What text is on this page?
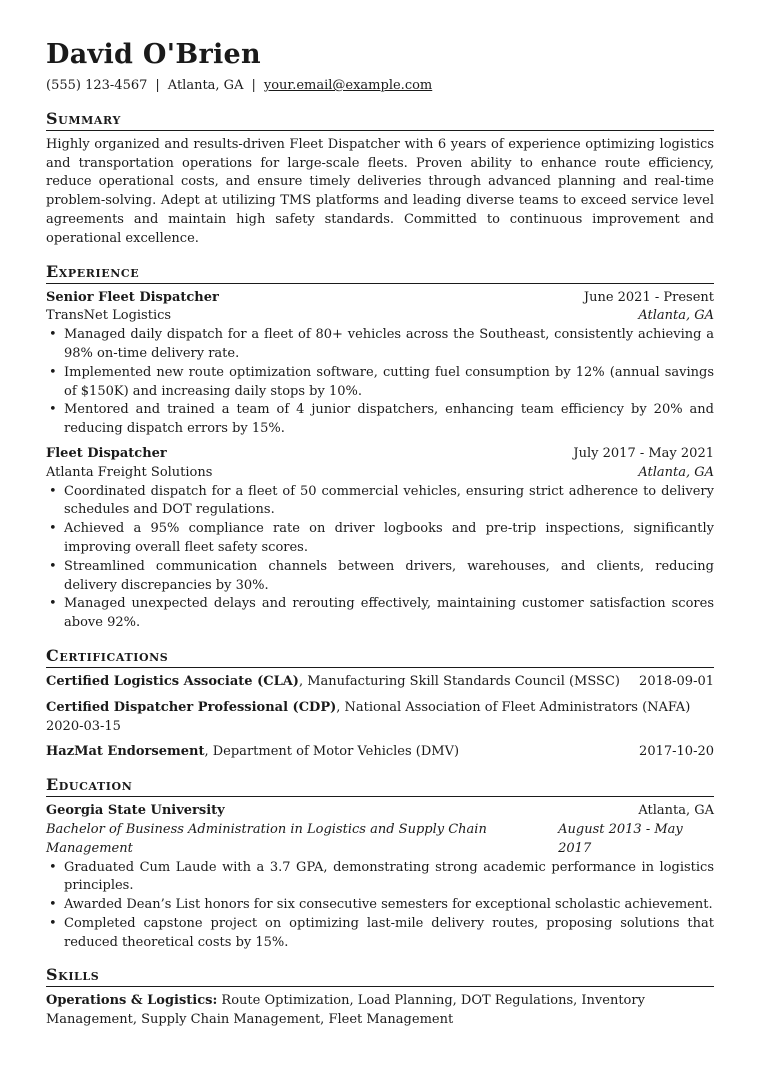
David O'Brien
(555) 123-4567 | Atlanta, GA | your.email@example.com
Summary
Highly organized and results-driven Fleet Dispatcher with 6 years of experience optimizing logistics and transportation operations for large-scale fleets. Proven ability to enhance route efficiency, reduce operational costs, and ensure timely deliveries through advanced planning and real-time problem-solving. Adept at utilizing TMS platforms and leading diverse teams to exceed service level agreements and maintain high safety standards. Committed to continuous improvement and operational excellence.
Experience
Senior Fleet Dispatcher	June 2021 - Present
TransNet Logistics	Atlanta, GA
• Managed daily dispatch for a fleet of 80+ vehicles across the Southeast, consistently achieving a 98% on-time delivery rate.
• Implemented new route optimization software, cutting fuel consumption by 12% (annual savings of $150K) and increasing daily stops by 10%.
• Mentored and trained a team of 4 junior dispatchers, enhancing team efficiency by 20% and reducing dispatch errors by 15%.
Fleet Dispatcher	July 2017 - May 2021
Atlanta Freight Solutions	Atlanta, GA
• Coordinated dispatch for a fleet of 50 commercial vehicles, ensuring strict adherence to delivery schedules and DOT regulations.
• Achieved a 95% compliance rate on driver logbooks and pre-trip inspections, significantly improving overall fleet safety scores.
• Streamlined communication channels between drivers, warehouses, and clients, reducing delivery discrepancies by 30%.
• Managed unexpected delays and rerouting effectively, maintaining customer satisfaction scores above 92%.
Certifications
Certified Logistics Associate (CLA), Manufacturing Skill Standards Council (MSSC)	2018-09-01
Certified Dispatcher Professional (CDP), National Association of Fleet Administrators (NAFA)
2020-03-15
HazMat Endorsement, Department of Motor Vehicles (DMV)	2017-10-20
Education
Georgia State University	Atlanta, GA
Bachelor of Business Administration in Logistics and Supply Chain Management
August 2013 - May 2017
• Graduated Cum Laude with a 3.7 GPA, demonstrating strong academic performance in logistics principles.
• Awarded Dean’s List honors for six consecutive semesters for exceptional scholastic achievement.
• Completed capstone project on optimizing last-mile delivery routes, proposing solutions that reduced theoretical costs by 15%.
Skills
Operations & Logistics: Route Optimization, Load Planning, DOT Regulations, Inventory Management, Supply Chain Management, Fleet Management
